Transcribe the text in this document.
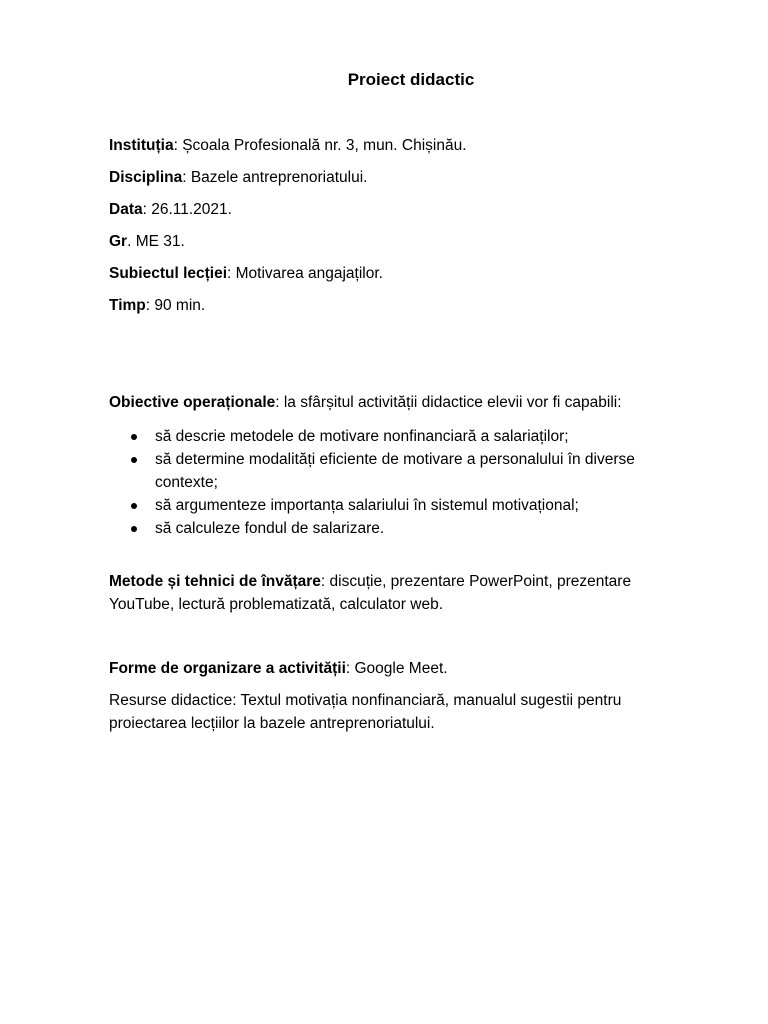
Proiect didactic
Instituția: Școala Profesională nr. 3, mun. Chișinău.
Disciplina: Bazele antreprenoriatului.
Data: 26.11.2021.
Gr. ME 31.
Subiectul lecției: Motivarea angajaților.
Timp: 90 min.
Obiective operaționale: la sfârșitul activității didactice elevii vor fi capabili:
să descrie metodele de motivare nonfinanciară a salariaților;
să determine modalități eficiente de motivare a personalului în diverse contexte;
să argumenteze importanța salariului în sistemul motivațional;
să calculeze fondul de salarizare.
Metode și tehnici de învățare: discuție, prezentare PowerPoint, prezentare YouTube, lectură problematizată, calculator web.
Forme de organizare a activității: Google Meet.
Resurse didactice: Textul motivația nonfinanciară, manualul sugestii pentru proiectarea lecțiilor la bazele antreprenoriatului.
